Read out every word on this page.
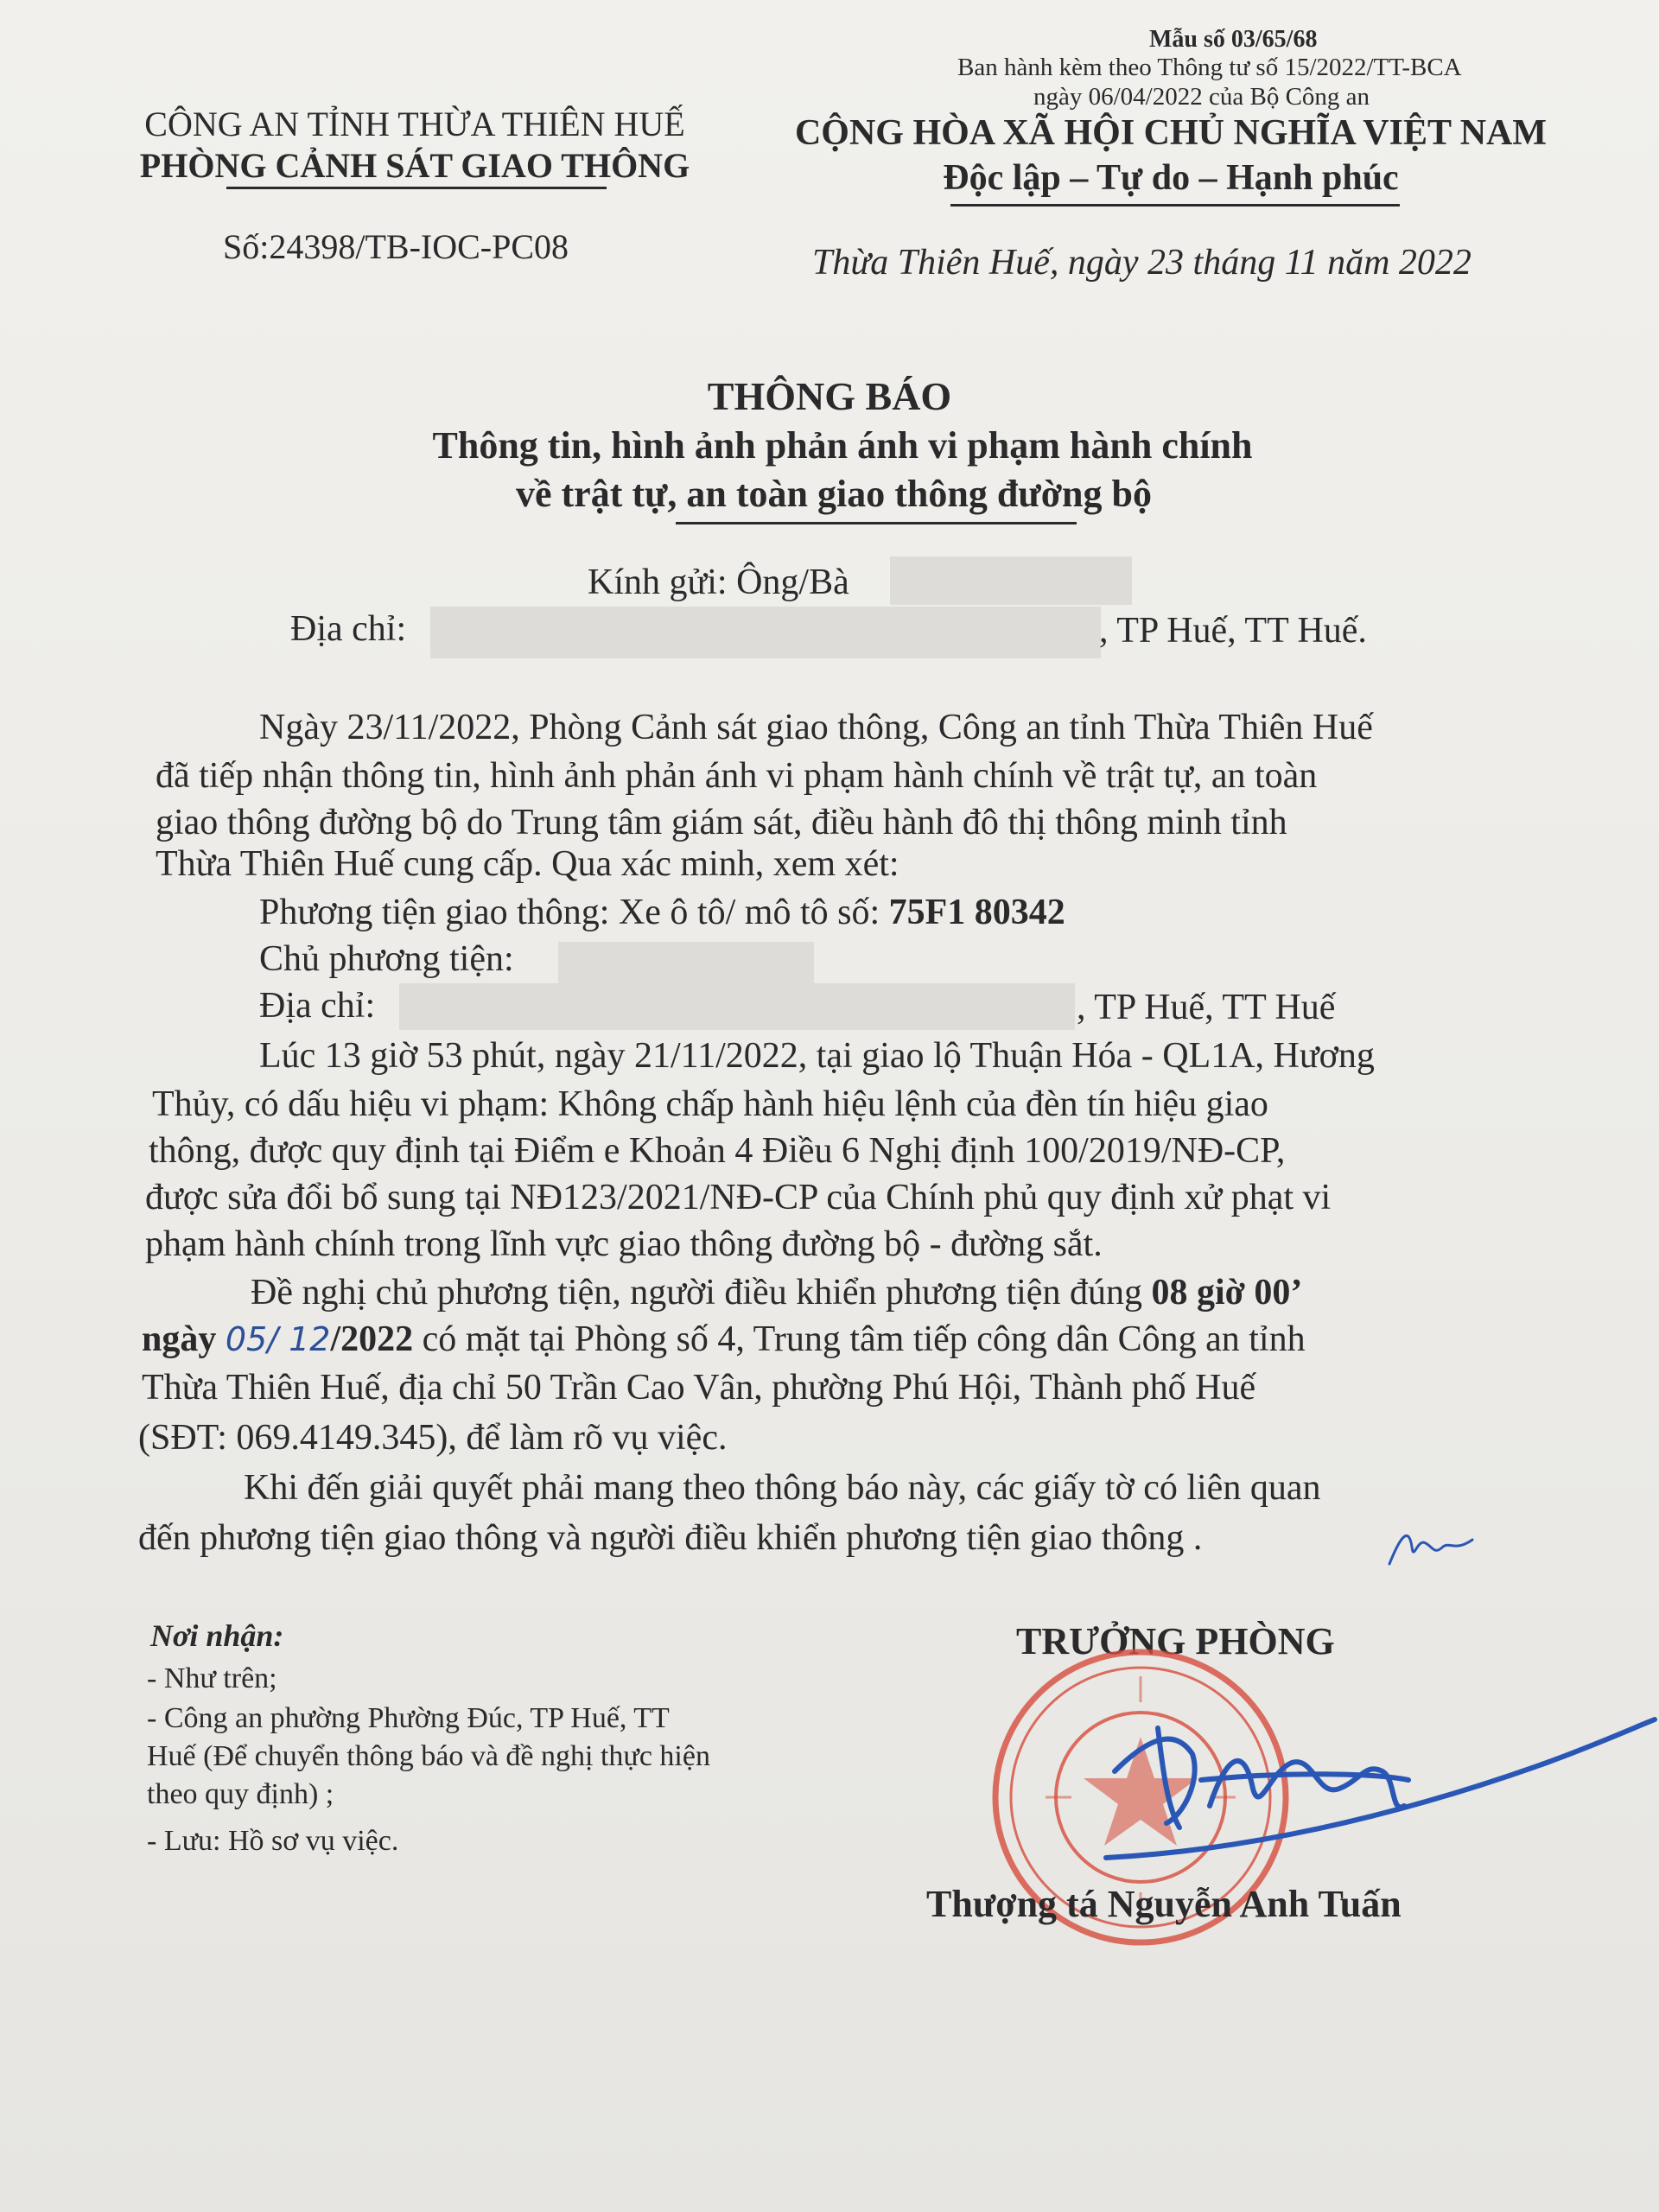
Mẫu số 03/65/68
Ban hành kèm theo Thông tư số 15/2022/TT-BCA
ngày 06/04/2022 của Bộ Công an
CÔNG AN TỈNH THỪA THIÊN HUẾ
PHÒNG CẢNH SÁT GIAO THÔNG
CỘNG HÒA XÃ HỘI CHỦ NGHĨA VIỆT NAM
Độc lập – Tự do – Hạnh phúc
Số:24398/TB-IOC-PC08	Thừa Thiên Huế, ngày 23 tháng 11 năm 2022
THÔNG BÁO
Thông tin, hình ảnh phản ánh vi phạm hành chính
về trật tự, an toàn giao thông đường bộ
Kính gửi: Ông/Bà
Địa chỉ:	, TP Huế, TT Huế.
Ngày 23/11/2022, Phòng Cảnh sát giao thông, Công an tỉnh Thừa Thiên Huế
đã tiếp nhận thông tin, hình ảnh phản ánh vi phạm hành chính về trật tự, an toàn
giao thông đường bộ do Trung tâm giám sát, điều hành đô thị thông minh tỉnh
Thừa Thiên Huế cung cấp. Qua xác minh, xem xét:
Phương tiện giao thông: Xe ô tô/ mô tô số: 75F1 80342
Chủ phương tiện:
Địa chỉ:	, TP Huế, TT Huế
Lúc 13 giờ 53 phút, ngày 21/11/2022, tại giao lộ Thuận Hóa - QL1A, Hương
Thủy, có dấu hiệu vi phạm: Không chấp hành hiệu lệnh của đèn tín hiệu giao
thông, được quy định tại Điểm e Khoản 4 Điều 6 Nghị định 100/2019/NĐ-CP,
được sửa đổi bổ sung tại NĐ123/2021/NĐ-CP của Chính phủ quy định xử phạt vi
phạm hành chính trong lĩnh vực giao thông đường bộ - đường sắt.
Đề nghị chủ phương tiện, người điều khiển phương tiện đúng 08 giờ 00’
ngày 05/ 12/2022 có mặt tại Phòng số 4, Trung tâm tiếp công dân Công an tỉnh
Thừa Thiên Huế, địa chỉ 50 Trần Cao Vân, phường Phú Hội, Thành phố Huế
(SĐT: 069.4149.345), để làm rõ vụ việc.
Khi đến giải quyết phải mang theo thông báo này, các giấy tờ có liên quan
đến phương tiện giao thông và người điều khiển phương tiện giao thông .
Nơi nhận:
- Như trên;
- Công an phường Phường Đúc, TP Huế, TT
Huế (Để chuyển thông báo và đề nghị thực hiện
theo quy định) ;
- Lưu: Hồ sơ vụ việc.
TRƯỞNG PHÒNG
Thượng tá Nguyễn Anh Tuấn
